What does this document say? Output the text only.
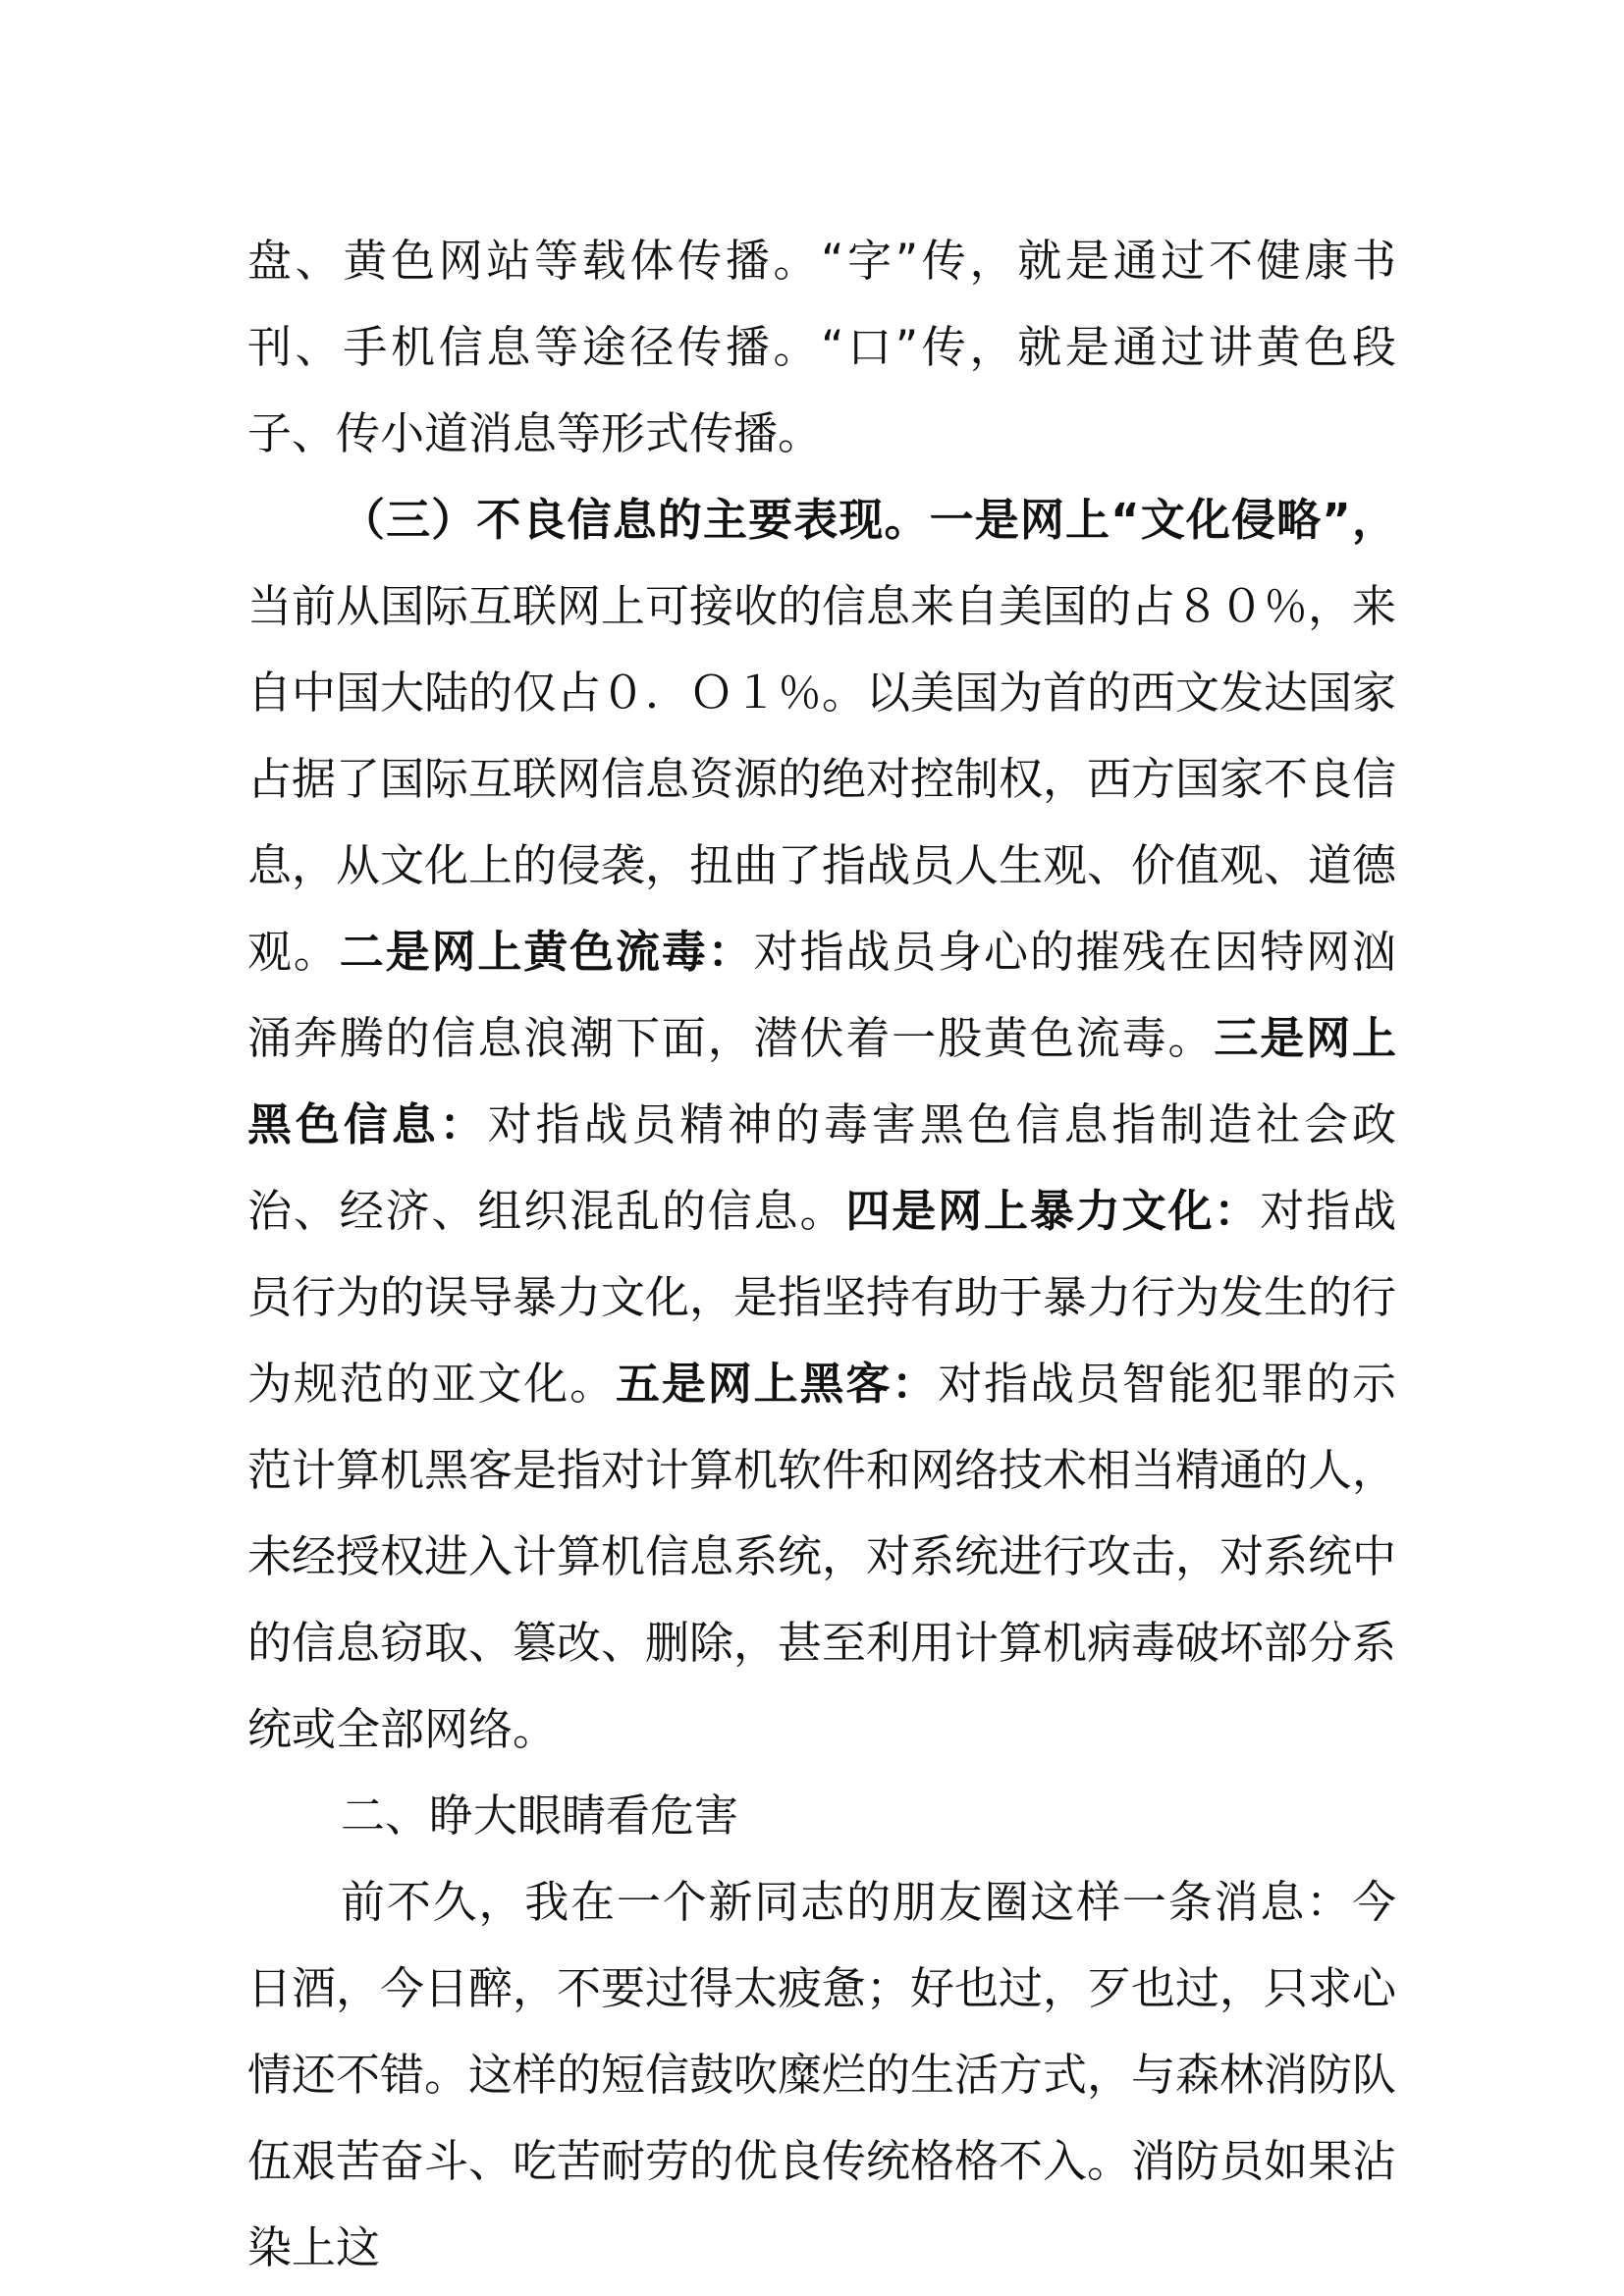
盘、黄色网站等载体传播。“字”传，就是通过不健康书刊、手机信息等途径传播。“口”传，就是通过讲黄色段子、传小道消息等形式传播。

（三）不良信息的主要表现。一是网上“文化侵略”，当前从国际互联网上可接收的信息来自美国的占８０％，来自中国大陆的仅占０．Ｏ１％。以美国为首的西文发达国家占据了国际互联网信息资源的绝对控制权，西方国家不良信息，从文化上的侵袭，扭曲了指战员人生观、价值观、道德观。二是网上黄色流毒：对指战员身心的摧残在因特网汹涌奔腾的信息浪潮下面，潜伏着一股黄色流毒。三是网上黑色信息：对指战员精神的毒害黑色信息指制造社会政治、经济、组织混乱的信息。四是网上暴力文化：对指战员行为的误导暴力文化，是指坚持有助于暴力行为发生的行为规范的亚文化。五是网上黑客：对指战员智能犯罪的示范计算机黑客是指对计算机软件和网络技术相当精通的人，未经授权进入计算机信息系统，对系统进行攻击，对系统中的信息窃取、篡改、删除，甚至利用计算机病毒破坏部分系统或全部网络。

二、睁大眼睛看危害

前不久，我在一个新同志的朋友圈这样一条消息：今日酒，今日醉，不要过得太疲惫；好也过，歹也过，只求心情还不错。这样的短信鼓吹糜烂的生活方式，与森林消防队伍艰苦奋斗、吃苦耐劳的优良传统格格不入。消防员如果沾染上这
